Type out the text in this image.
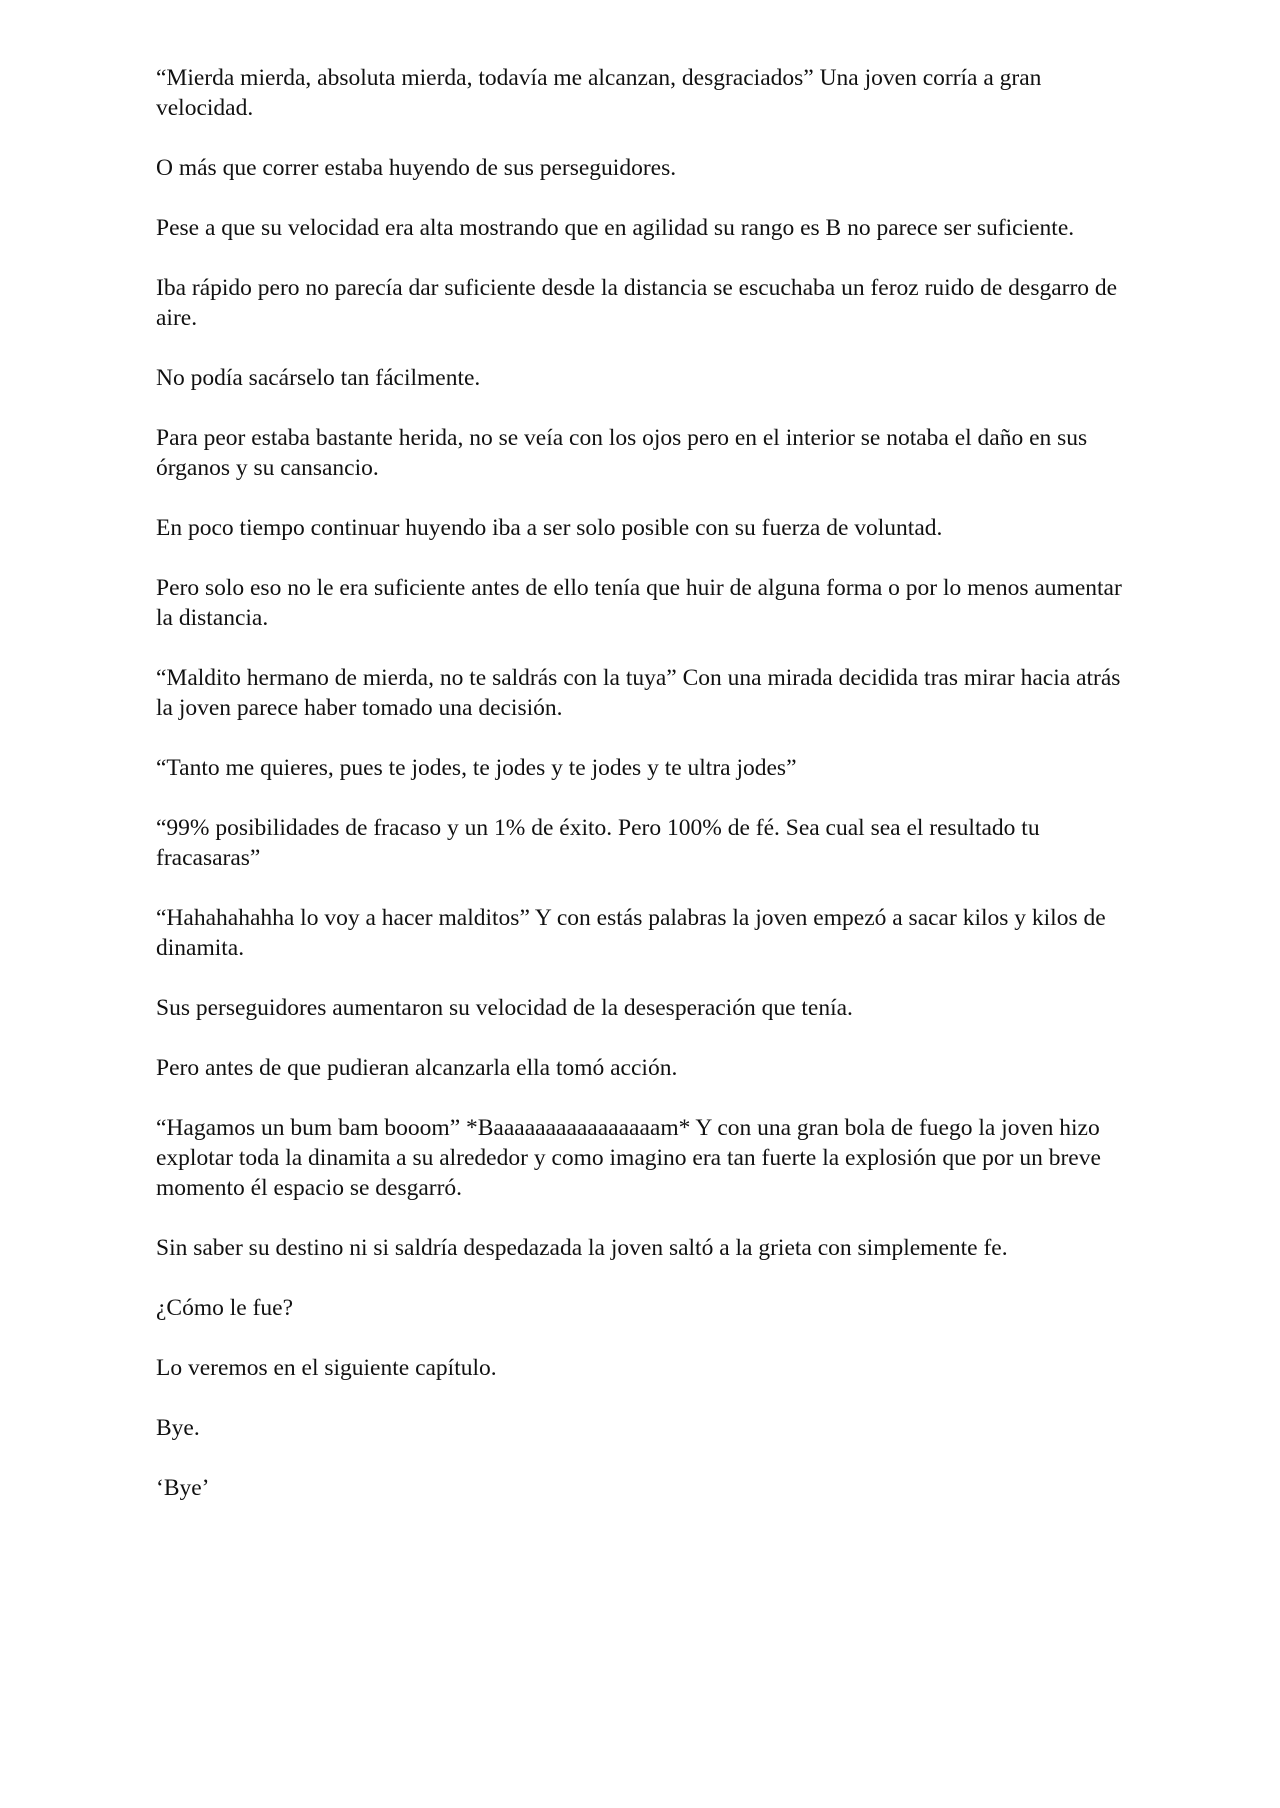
“Mierda mierda, absoluta mierda, todavía me alcanzan, desgraciados” Una joven corría a gran velocidad.

O más que correr estaba huyendo de sus perseguidores.

Pese a que su velocidad era alta mostrando que en agilidad su rango es B no parece ser suficiente.

Iba rápido pero no parecía dar suficiente desde la distancia se escuchaba un feroz ruido de desgarro de aire.

No podía sacárselo tan fácilmente.

Para peor estaba bastante herida, no se veía con los ojos pero en el interior se notaba el daño en sus órganos y su cansancio.

En poco tiempo continuar huyendo iba a ser solo posible con su fuerza de voluntad.

Pero solo eso no le era suficiente antes de ello tenía que huir de alguna forma o por lo menos aumentar la distancia.

“Maldito hermano de mierda, no te saldrás con la tuya” Con una mirada decidida tras mirar hacia atrás la joven parece haber tomado una decisión.

“Tanto me quieres, pues te jodes, te jodes y te jodes y te ultra jodes”

“99% posibilidades de fracaso y un 1% de éxito. Pero 100% de fé. Sea cual sea el resultado tu fracasaras”

“Hahahahahha lo voy a hacer malditos” Y con estás palabras la joven empezó a sacar kilos y kilos de dinamita.

Sus perseguidores aumentaron su velocidad de la desesperación que tenía.

Pero antes de que pudieran alcanzarla ella tomó acción.

“Hagamos un bum bam booom” *Baaaaaaaaaaaaaaaam* Y con una gran bola de fuego la joven hizo explotar toda la dinamita a su alrededor y como imagino era tan fuerte la explosión que por un breve momento él espacio se desgarró.

Sin saber su destino ni si saldría despedazada la joven saltó a la grieta con simplemente fe.

¿Cómo le fue?

Lo veremos en el siguiente capítulo.

Bye.

‘Bye’
